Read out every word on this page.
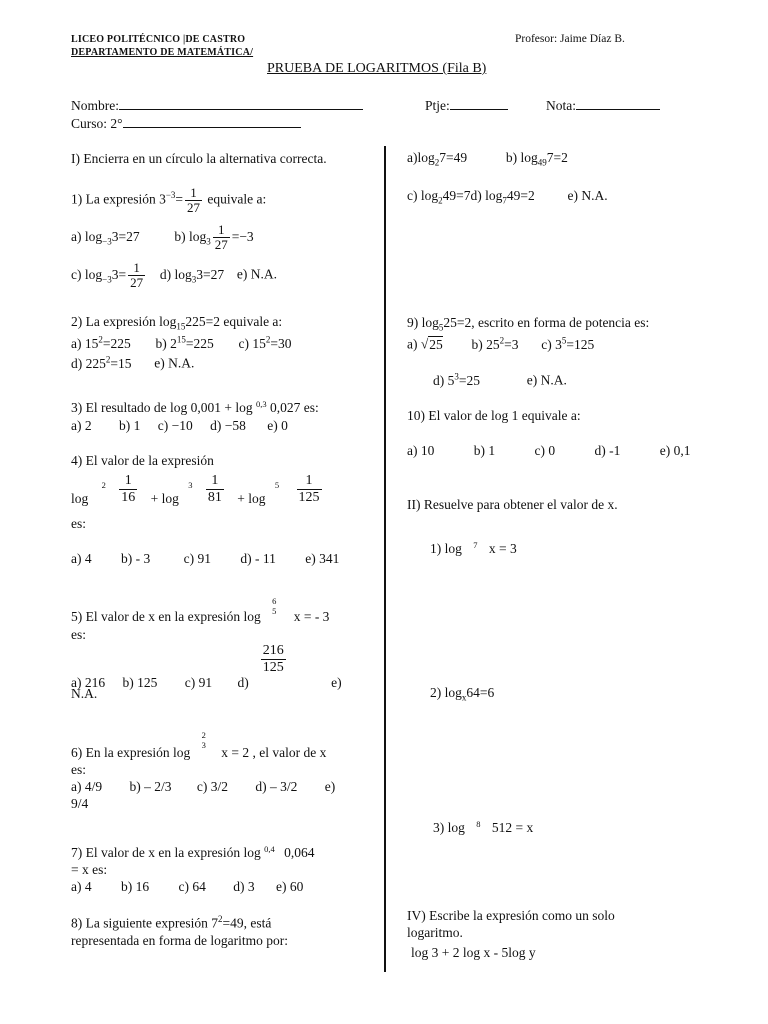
LICEO POLITÉCNICO |DE CASTRO
DEPARTAMENTO DE MATEMÁTICA/
Profesor: Jaime Díaz B.
PRUEBA DE LOGARITMOS (Fila B)
Nombre:	Ptje:	Nota:
Curso: 2°
I) Encierra en un círculo la alternativa correcta.
1) La expresión $3^{-3}= \frac{1}{27}$ equivale a:
a) $\log_{-3}3=27$	b) $\log_3 \frac{1}{27} =-3$
c) $\log_{-3}3= \frac{1}{27} d$) $\log_33=27$ e) N.A.
2) La expresión $\log_{15}225=2$ equivale a:
a) $15^2=225$ b) $2^{15}=225$ c) $15^2=30$
d) $225^2=15$ e) N.A.
3) El resultado de log 0,001 + log $^{0,3}$ 0,027 es:
a) 2 b) 1 c) −10 d) −58 e) 0
4) El valor de la expresión
$\log ^2 \frac{1}{16} + \log ^3 \frac{1}{81} + \log ^5 \frac{1}{125}$
es:
a) 4 b) - 3 c) 91 d) - 11 e) 341
5) El valor de x en la expresión log
6
5 x = - 3
es:
a) 216 b) 125 c) 91 d)
$\frac{216}{125}$
e)
N.A.
6) En la expresión log
2
3
x = 2 , el valor de x
es:
a) 4/9 b) – 2/3 c) 3/2 d) – 3/2 e)
9/4
7) El valor de x en la expresión log $^{0,4}$ 0,064
= x es:
a) 4 b) 16 c) 64 d) 3 e) 60
8) La siguiente expresión $7^2=49$, está
representada en forma de logaritmo por:
$a)\log_27=49$	b) $\log_{49}7=2$
c) $\log_249=7d$) $\log_749=2$ e) N.A.
9) $\log_525=2$, escrito en forma de potencia es:
a) √25 b) $25^2=3$ c) $3^5=125$
d) $5^3=25$	e) N.A.
10) El valor de log 1 equivale a:
a) 10	b) 1	c) 0	d) -1	e) 0,1
II) Resuelve para obtener el valor de x.
1) log $^7$ x = 3
2) $\log_x64=6$
3) log $^8$ 512 = x
IV) Escribe la expresión como un solo
logaritmo.
log 3 + 2 log x - 5log y
